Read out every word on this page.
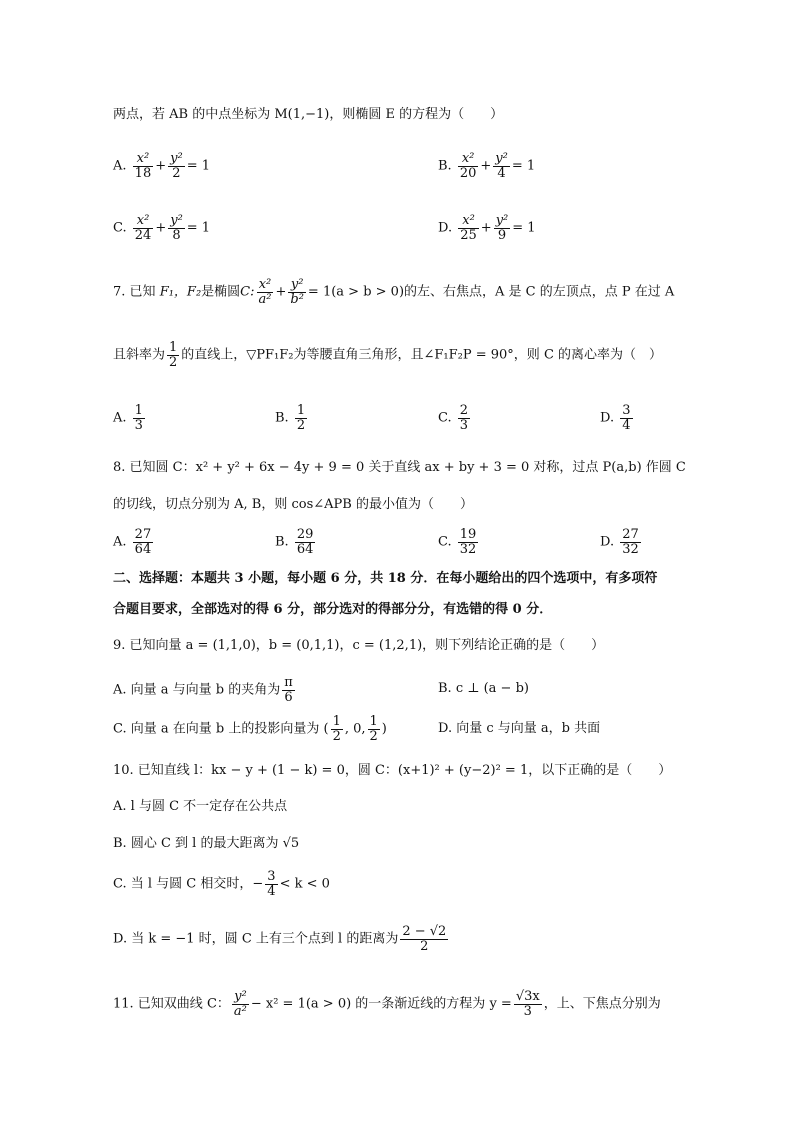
两点，若 AB 的中点坐标为 M(1,−1)，则椭圆 E 的方程为（　　）
A. $\frac{\text{x²}}{18} + \frac{\text{y²}}{2} = 1$	B. $\frac{\text{x²}}{20} + \frac{\text{y²}}{4} = 1$
C. $\frac{\text{x²}}{24} + \frac{\text{y²}}{8} = 1$	D. $\frac{\text{x²}}{25} + \frac{\text{y²}}{9} = 1$
7. 已知 F₁，F₂是椭圆C: $\frac{\text{x²}}{\text{a²}} + \frac{\text{y²}}{\text{b²}} = 1(a > b > 0)$的左、右焦点，A 是 C 的左顶点，点 P 在过 A
且斜率为 $\frac{1}{2}$ 的直线上，▽PF₁F₂为等腰直角三角形，且∠F₁F₂P = 90°，则 C 的离心率为（　）
A. $\frac{1}{3}$	B. $\frac{1}{2}$	C. $\frac{2}{3}$	D. $\frac{3}{4}$
8. 已知圆 C：x² + y² + 6x − 4y + 9 = 0 关于直线 ax + by + 3 = 0 对称，过点 P(a,b) 作圆 C
的切线，切点分别为 A, B，则 cos∠APB 的最小值为（　　）
A. $\frac{27}{64}$	B. $\frac{29}{64}$	C. $\frac{19}{32}$	D. $\frac{27}{32}$
二、选择题：本题共 3 小题，每小题 6 分，共 18 分．在每小题给出的四个选项中，有多项符
合题目要求，全部选对的得 6 分，部分选对的得部分分，有选错的得 0 分．
9. 已知向量 a = (1,1,0)，b = (0,1,1)，c = (1,2,1)，则下列结论正确的是（　　）
A. 向量 a 与向量 b 的夹角为 $\frac{\pi}{6}$	B. c ⊥ (a − b)
C. 向量 a 在向量 b 上的投影向量为 ( $\frac{1}{2}$ , 0, $\frac{1}{2}$ )	D. 向量 c 与向量 a，b 共面
10. 已知直线 l：kx − y + (1 − k) = 0，圆 C：(x+1)² + (y−2)² = 1，以下正确的是（　　）
A. l 与圆 C 不一定存在公共点
B. 圆心 C 到 l 的最大距离为 √5
C. 当 l 与圆 C 相交时，− $\frac{3}{4} < k < 0$
D. 当 k = −1 时，圆 C 上有三个点到 l 的距离为 $\frac{2 - √2}{2}$
11. 已知双曲线 C： $\frac{\text{y²}}{\text{a²}} - x^2 = 1(a > 0)$ 的一条渐近线的方程为 $y = \frac{√3x}{3}$ ，上、下焦点分别为
